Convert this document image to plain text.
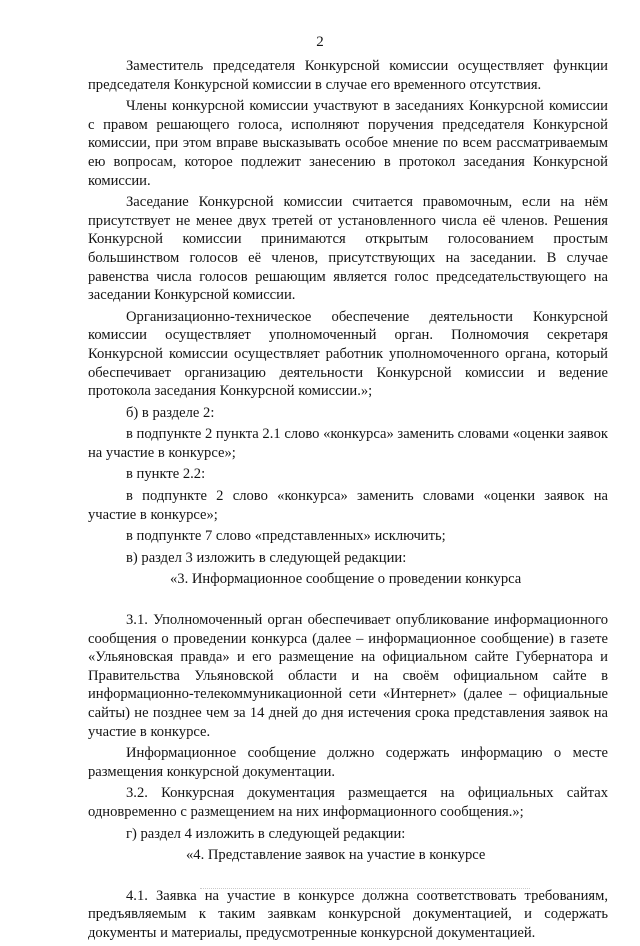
2

Заместитель председателя Конкурсной комиссии осуществляет функции председателя Конкурсной комиссии в случае его временного отсутствия.

Члены конкурсной комиссии участвуют в заседаниях Конкурсной комиссии с правом решающего голоса, исполняют поручения председателя Конкурсной комиссии, при этом вправе высказывать особое мнение по всем рассматриваемым ею вопросам, которое подлежит занесению в протокол заседания Конкурсной комиссии.

Заседание Конкурсной комиссии считается правомочным, если на нём присутствует не менее двух третей от установленного числа её членов. Решения Конкурсной комиссии принимаются открытым голосованием простым большинством голосов её членов, присутствующих на заседании. В случае равенства числа голосов решающим является голос председательствующего на заседании Конкурсной комиссии.

Организационно-техническое обеспечение деятельности Конкурсной комиссии осуществляет уполномоченный орган. Полномочия секретаря Конкурсной комиссии осуществляет работник уполномоченного органа, который обеспечивает организацию деятельности Конкурсной комиссии и ведение протокола заседания Конкурсной комиссии.»;

б) в разделе 2:

в подпункте 2 пункта 2.1 слово «конкурса» заменить словами «оценки заявок на участие в конкурсе»;

в пункте 2.2:

в подпункте 2 слово «конкурса» заменить словами «оценки заявок на участие в конкурсе»;

в подпункте 7 слово «представленных» исключить;

в) раздел 3 изложить в следующей редакции:

«3. Информационное сообщение о проведении конкурса

3.1. Уполномоченный орган обеспечивает опубликование информационного сообщения о проведении конкурса (далее – информационное сообщение) в газете «Ульяновская правда» и его размещение на официальном сайте Губернатора и Правительства Ульяновской области и на своём официальном сайте в информационно-телекоммуникационной сети «Интернет» (далее – официальные сайты) не позднее чем за 14 дней до дня истечения срока представления заявок на участие в конкурсе.

Информационное сообщение должно содержать информацию о месте размещения конкурсной документации.

3.2. Конкурсная документация размещается на официальных сайтах одновременно с размещением на них информационного сообщения.»;

г) раздел 4 изложить в следующей редакции:

«4. Представление заявок на участие в конкурсе

4.1. Заявка на участие в конкурсе должна соответствовать требованиям, предъявляемым к таким заявкам конкурсной документацией, и содержать документы и материалы, предусмотренные конкурсной документацией.
